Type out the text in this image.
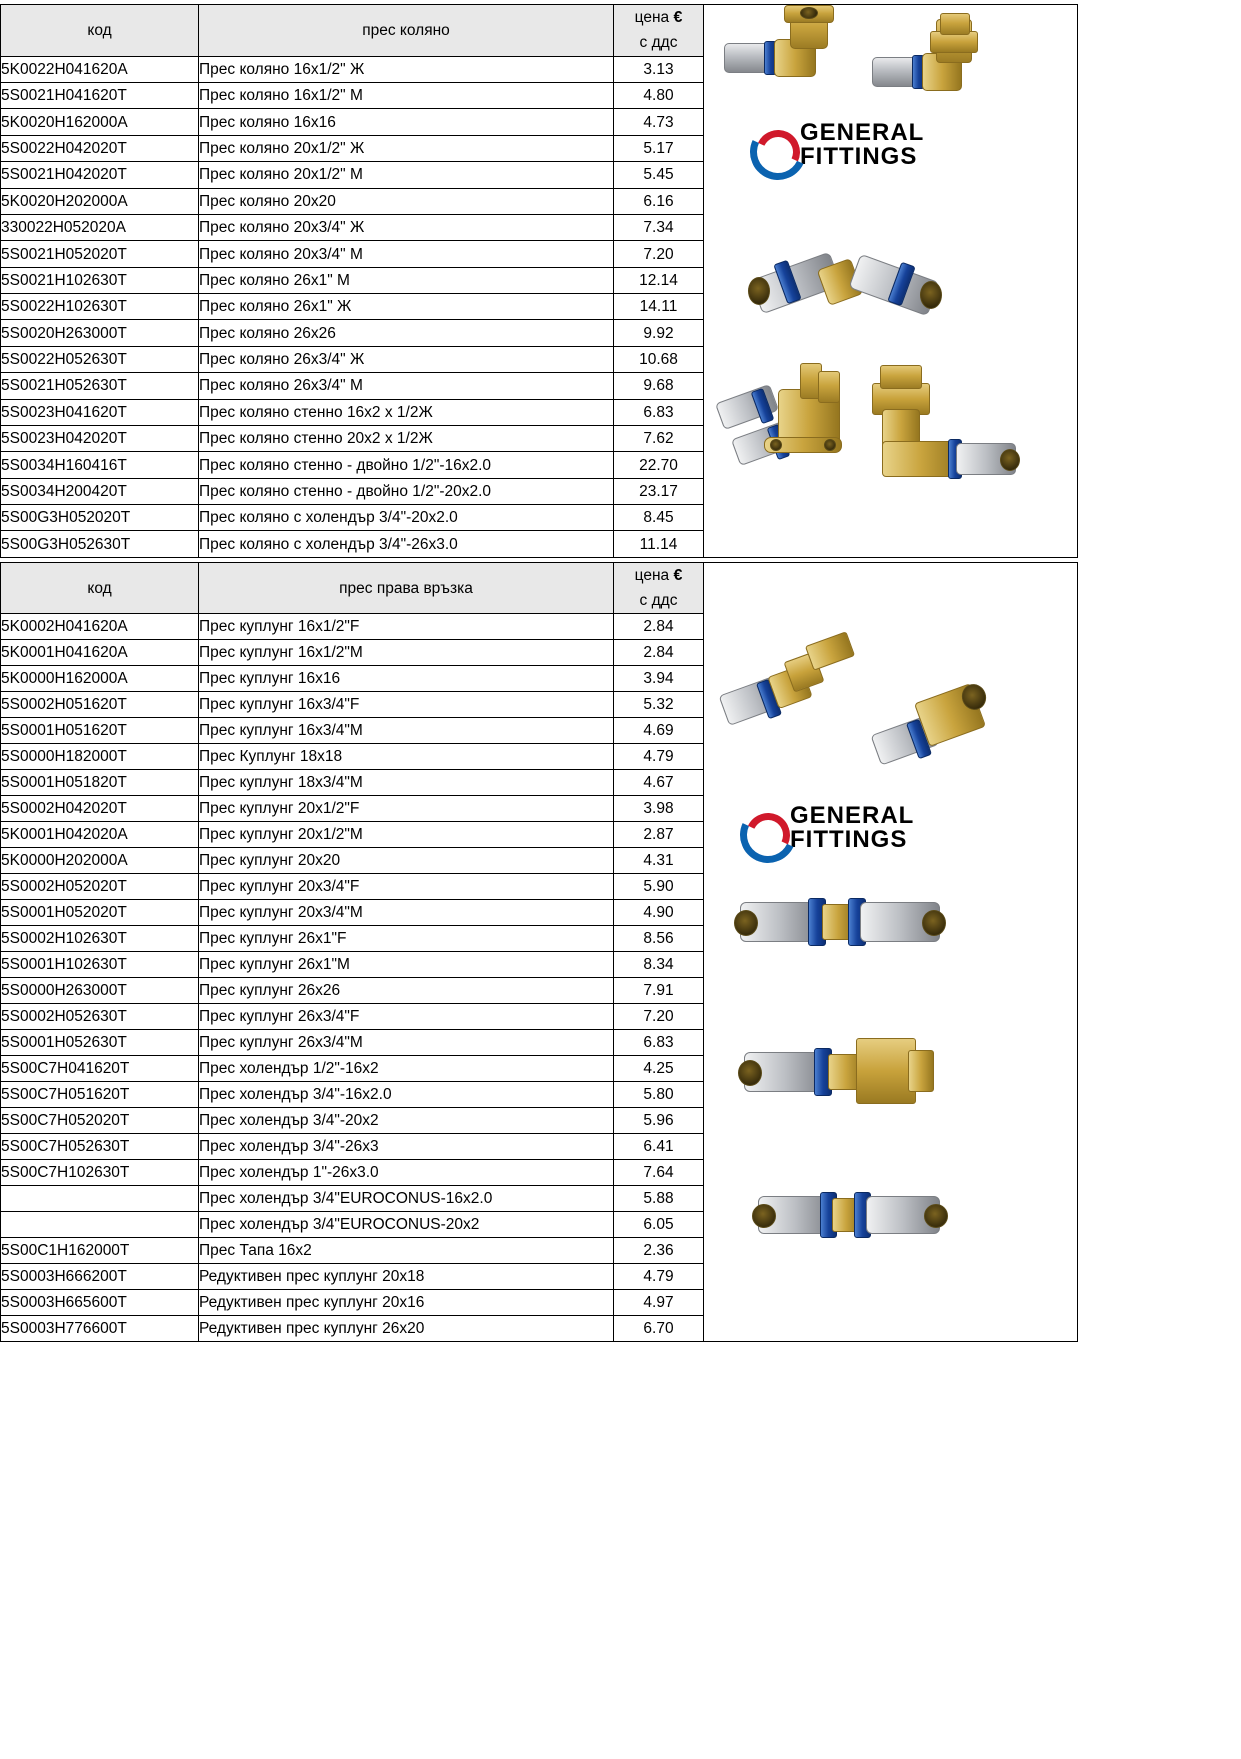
код	прес коляно	цена €
с ддс	GENERAL
FITTINGS

5K0022H041620A	Прес коляно 16x1/2" Ж	3.13	
5S0021H041620T	Прес коляно 16x1/2" М	4.80	
5K0020H162000A	Прес коляно 16x16	4.73	
5S0022H042020T	Прес коляно 20x1/2" Ж	5.17	
5S0021H042020T	Прес коляно 20x1/2" М	5.45	
5K0020H202000A	Прес коляно 20x20	6.16	
330022H052020A	Прес коляно 20x3/4" Ж	7.34	
5S0021H052020T	Прес коляно 20x3/4" М	7.20	
5S0021H102630T	Прес коляно 26x1" М	12.14	
5S0022H102630T	Прес коляно 26x1" Ж	14.11	
5S0020H263000T	Прес коляно 26x26	9.92	
5S0022H052630T	Прес коляно 26x3/4" Ж	10.68	
5S0021H052630T	Прес коляно 26x3/4" М	9.68	
5S0023H041620T	Прес коляно стенно 16x2 x 1/2Ж	6.83	
5S0023H042020T	Прес коляно стенно 20x2 x 1/2Ж	7.62	
5S0034H160416T	Прес коляно стенно - двойно 1/2"-16x2.0	22.70	
5S0034H200420T	Прес коляно стенно - двойно 1/2"-20x2.0	23.17	
5S00G3H052020T	Прес коляно с холендър 3/4"-20x2.0	8.45	
5S00G3H052630T	Прес коляно с холендър 3/4"-26x3.0	11.14	
код	прес права връзка	цена €
с ддс	GENERAL
FITTINGS

5K0002H041620A	Прес куплунг 16x1/2"F	2.84	
5K0001H041620A	Прес куплунг 16x1/2"M	2.84	
5K0000H162000A	Прес куплунг 16x16	3.94	
5S0002H051620T	Прес куплунг 16x3/4"F	5.32	
5S0001H051620T	Прес куплунг 16x3/4"M	4.69	
5S0000H182000T	Прес Куплунг 18x18	4.79	
5S0001H051820T	Прес куплунг 18x3/4"M	4.67	
5S0002H042020T	Прес куплунг 20x1/2"F	3.98	
5K0001H042020A	Прес куплунг 20x1/2"M	2.87	
5K0000H202000A	Прес куплунг 20x20	4.31	
5S0002H052020T	Прес куплунг 20x3/4"F	5.90	
5S0001H052020T	Прес куплунг 20x3/4"M	4.90	
5S0002H102630T	Прес куплунг 26x1"F	8.56	
5S0001H102630T	Прес куплунг 26x1"M	8.34	
5S0000H263000T	Прес куплунг 26x26	7.91	
5S0002H052630T	Прес куплунг 26x3/4"F	7.20	
5S0001H052630T	Прес куплунг 26x3/4"M	6.83	
5S00C7H041620T	Прес холендър 1/2"-16x2	4.25	
5S00C7H051620T	Прес холендър 3/4"-16x2.0	5.80	
5S00C7H052020T	Прес холендър 3/4"-20x2	5.96	
5S00C7H052630T	Прес холендър 3/4"-26x3	6.41	
5S00C7H102630T	Прес холендър 1"-26x3.0	7.64	
	Прес холендър 3/4"EUROCONUS-16x2.0	5.88	
	Прес холендър 3/4"EUROCONUS-20x2	6.05	
5S00C1H162000T	Прес Тапа 16x2	2.36	
5S0003H666200T	Редуктивен прес куплунг 20x18	4.79	
5S0003H665600T	Редуктивен прес куплунг 20x16	4.97	
5S0003H776600T	Редуктивен прес куплунг 26x20	6.70	
